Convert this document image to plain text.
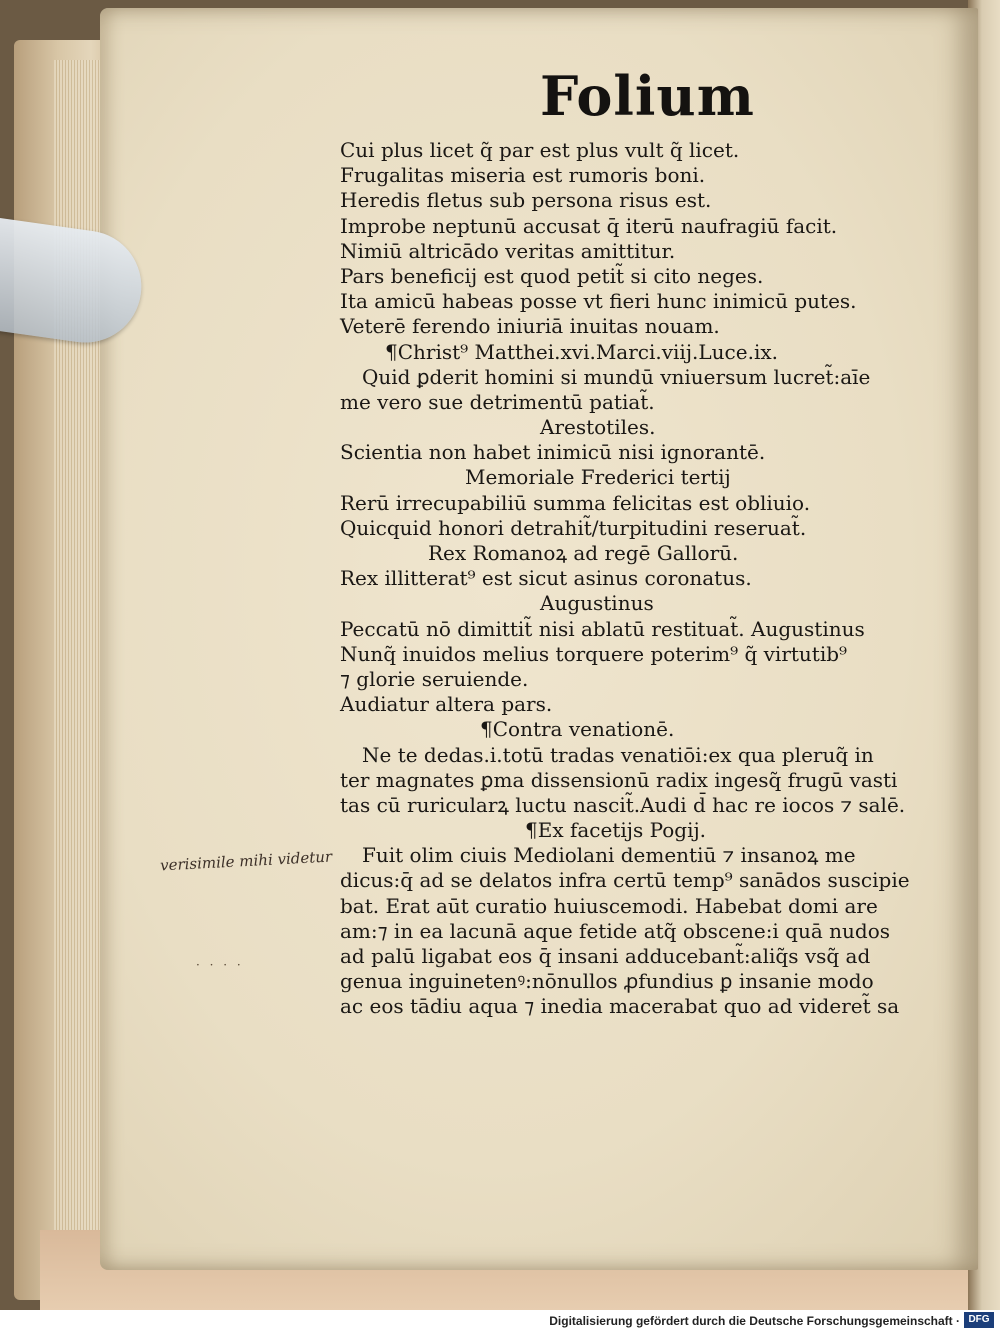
Folium
Cui plus licet q̃ par est plus vult q̃ licet.
Frugalitas miseria est rumoris boni.
Heredis fletus sub persona risus est.
Improbe neptunū accusat q̄ iterū naufragiū facit.
Nimiū altricādo veritas amittitur.
Pars beneficij est quod petit̃ si cito neges.
Ita amicū habeas posse vt fieri hunc inimicū putes.
Veterē ferendo iniuriā inuitas nouam.
¶Christ⁹ Matthei.xvi.Marci.viij.Luce.ix.
Quid ꝑderit homini si mundū vniuersum lucret̃:aīe
me vero sue detrimentū patiat̃.
Arestotiles.
Scientia non habet inimicū nisi ignorantē.
Memoriale Frederici tertij
Rerū irrecupabiliū summa felicitas est obliuio.
Quicquid honori detrahit̃/turpitudini reseruat̃.
Rex Romanoꝝ ad regē Gallorū.
Rex illitterat⁹ est sicut asinus coronatus.
Augustinus
Peccatū nō dimittit̃ nisi ablatū restituat̃. Augustinus
Nunq̃ inuidos melius torquere poterim⁹ q̃ virtutib⁹
⁊ glorie seruiende.
Audiatur altera pars.
¶Contra venationē.
Ne te dedas.i.totū tradas venatiōi:ex qua pleruq̃ in
ter magnates ꝑma dissensionū radix ingesq̃ frugū vasti
tas cū ruricularꝝ luctu nascit̃.Audi d̄ hac re iocos ⁊ salē.
¶Ex facetijs Pogij.
Fuit olim ciuis Mediolani dementiū ⁊ insanoꝝ me
dicus:q̄ ad se delatos infra certū temp⁹ sanādos suscipie
bat. Erat aūt curatio huiuscemodi. Habebat domi are
am:⁊ in ea lacunā aque fetide atq̃ obscene:i quā nudos
ad palū ligabat eos q̄ insani adducebant̃:aliq̃s vsq̃ ad
genua inguinetenꝰ:nōnullos ꝓfundius ꝑ insanie modo
ac eos tādiu aqua ⁊ inedia macerabat quo ad videret̃ sa
verisimile mihi videtur
· · · ·
Digitalisierung gefördert durch die Deutsche Forschungsgemeinschaft · DFG
